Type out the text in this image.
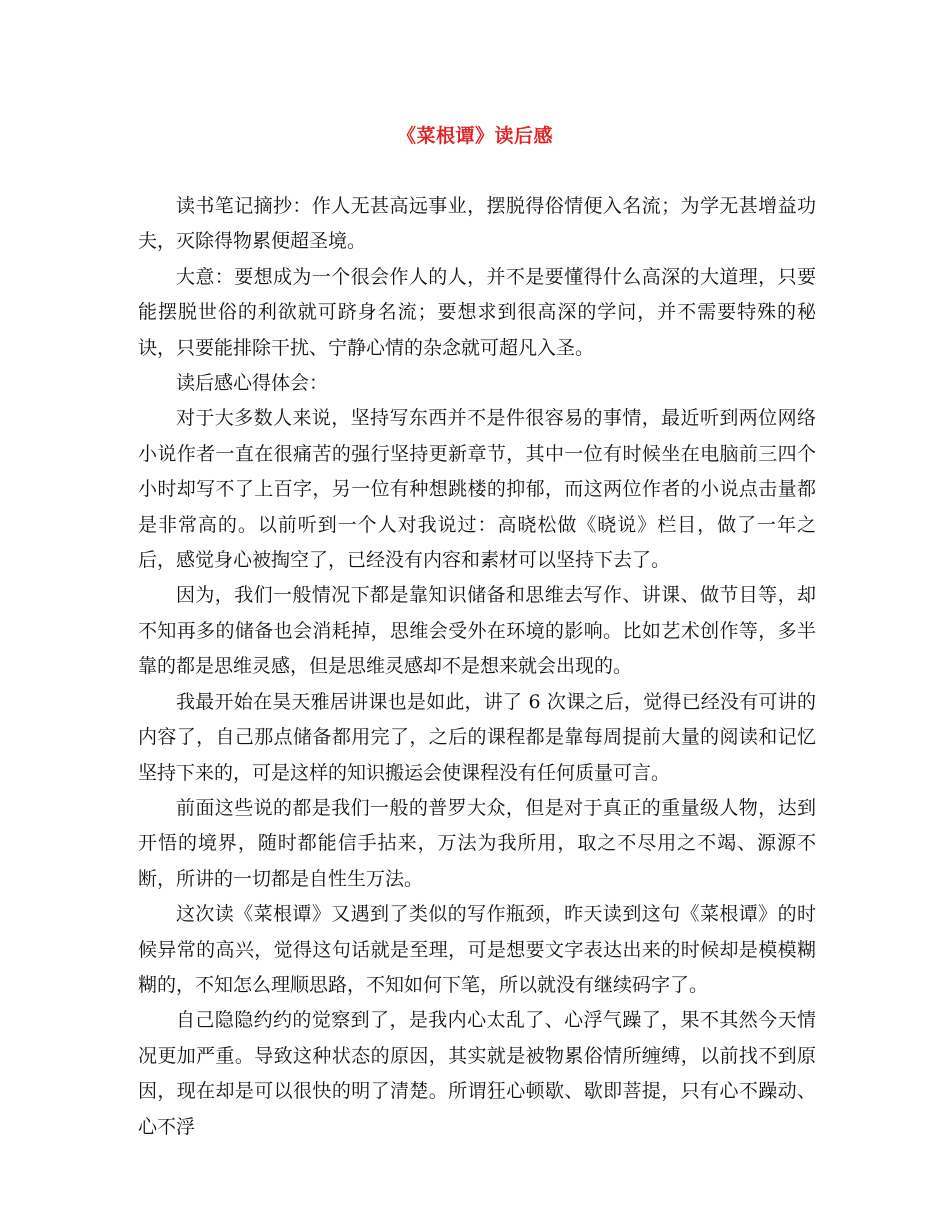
《菜根谭》读后感

读书笔记摘抄：作人无甚高远事业，摆脱得俗情便入名流；为学无甚增益功夫，灭除得物累便超圣境。

大意：要想成为一个很会作人的人，并不是要懂得什么高深的大道理，只要能摆脱世俗的利欲就可跻身名流；要想求到很高深的学问，并不需要特殊的秘诀，只要能排除干扰、宁静心情的杂念就可超凡入圣。

读后感心得体会：

对于大多数人来说，坚持写东西并不是件很容易的事情，最近听到两位网络小说作者一直在很痛苦的强行坚持更新章节，其中一位有时候坐在电脑前三四个小时却写不了上百字，另一位有种想跳楼的抑郁，而这两位作者的小说点击量都是非常高的。以前听到一个人对我说过：高晓松做《晓说》栏目，做了一年之后，感觉身心被掏空了，已经没有内容和素材可以坚持下去了。

因为，我们一般情况下都是靠知识储备和思维去写作、讲课、做节目等，却不知再多的储备也会消耗掉，思维会受外在环境的影响。比如艺术创作等，多半靠的都是思维灵感，但是思维灵感却不是想来就会出现的。

我最开始在昊天雅居讲课也是如此，讲了 6 次课之后，觉得已经没有可讲的内容了，自己那点储备都用完了，之后的课程都是靠每周提前大量的阅读和记忆坚持下来的，可是这样的知识搬运会使课程没有任何质量可言。

前面这些说的都是我们一般的普罗大众，但是对于真正的重量级人物，达到开悟的境界，随时都能信手拈来，万法为我所用，取之不尽用之不竭、源源不断，所讲的一切都是自性生万法。

这次读《菜根谭》又遇到了类似的写作瓶颈，昨天读到这句《菜根谭》的时候异常的高兴，觉得这句话就是至理，可是想要文字表达出来的时候却是模模糊糊的，不知怎么理顺思路，不知如何下笔，所以就没有继续码字了。

自己隐隐约约的觉察到了，是我内心太乱了、心浮气躁了，果不其然今天情况更加严重。导致这种状态的原因，其实就是被物累俗情所缠缚，以前找不到原因，现在却是可以很快的明了清楚。所谓狂心顿歇、歇即菩提，只有心不躁动、心不浮
